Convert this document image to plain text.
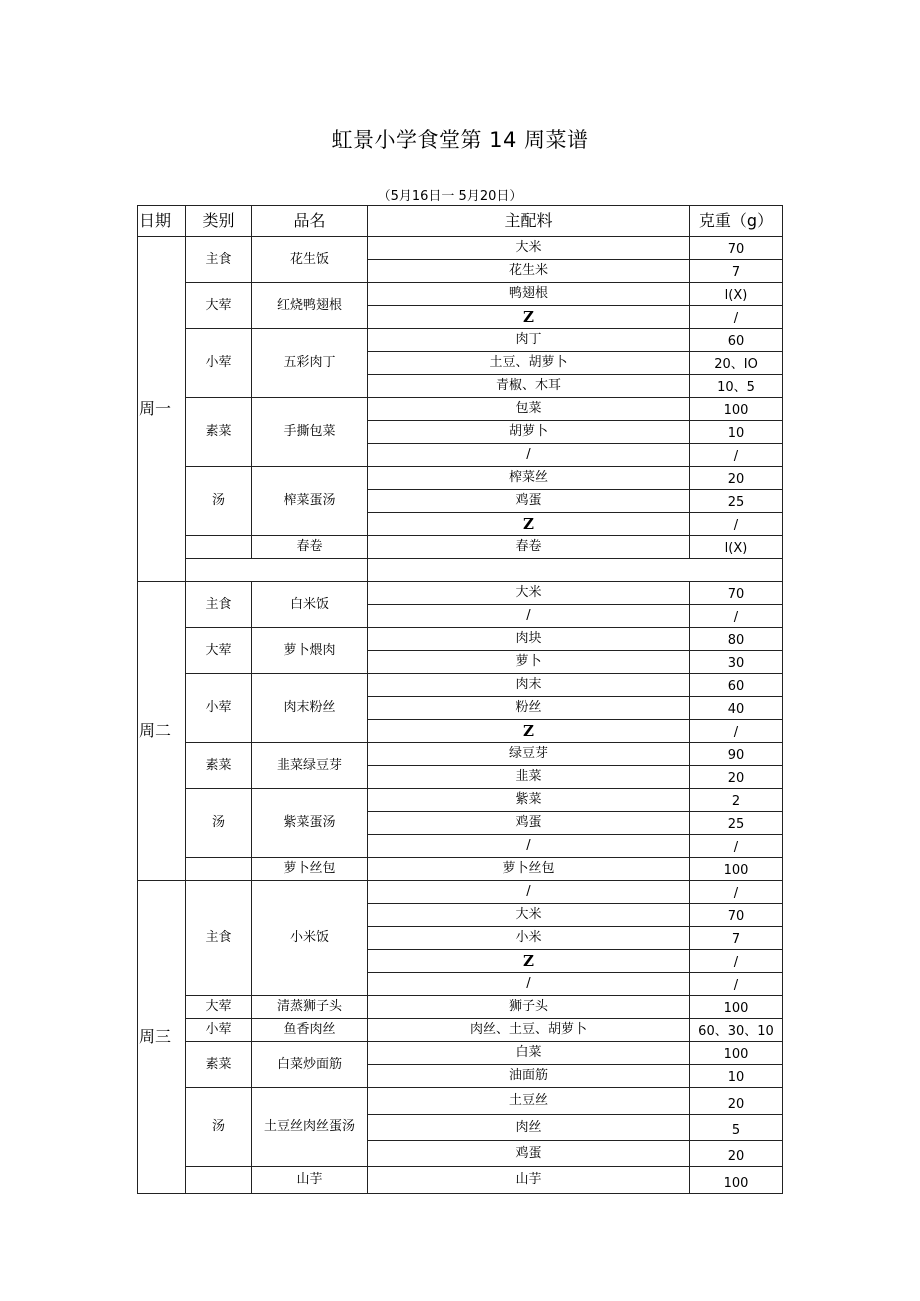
虹景小学食堂第 14 周菜谱
（5月16日一 5月20日）
日期	类别	品名	主配料	克重（g）
周一	主食	花生饭	大米	70
			花生米	7
	大荤	红烧鸭翅根	鸭翅根	l(X)
			Z	/
	小荤	五彩肉丁	肉丁	60
			土豆、胡萝卜	20、IO
			青椒、木耳	10、5
	素菜	手撕包菜	包菜	100
			胡萝卜	10
			/	/
	汤	榨菜蛋汤	榨菜丝	20
			鸡蛋	25
			Z	/
		春卷	春卷	l(X)

周二	主食	白米饭	大米	70
			/	/
	大荤	萝卜煨肉	肉块	80
			萝卜	30
	小荤	肉末粉丝	肉末	60
			粉丝	40
			Z	/
	素菜	韭菜绿豆芽	绿豆芽	90
			韭菜	20
	汤	紫菜蛋汤	紫菜	2
			鸡蛋	25
			/	/
		萝卜丝包	萝卜丝包	100
周三	主食	小米饭	/	/
			大米	70
			小米	7
			Z	/
			/	/
	大荤	清蒸狮子头	狮子头	100
	小荤	鱼香肉丝	肉丝、土豆、胡萝卜	60、30、10
	素菜	白菜炒面筋	白菜	100
			油面筋	10
	汤	土豆丝肉丝蛋汤	土豆丝	20
			肉丝	5
			鸡蛋	20
		山芋	山芋	100
